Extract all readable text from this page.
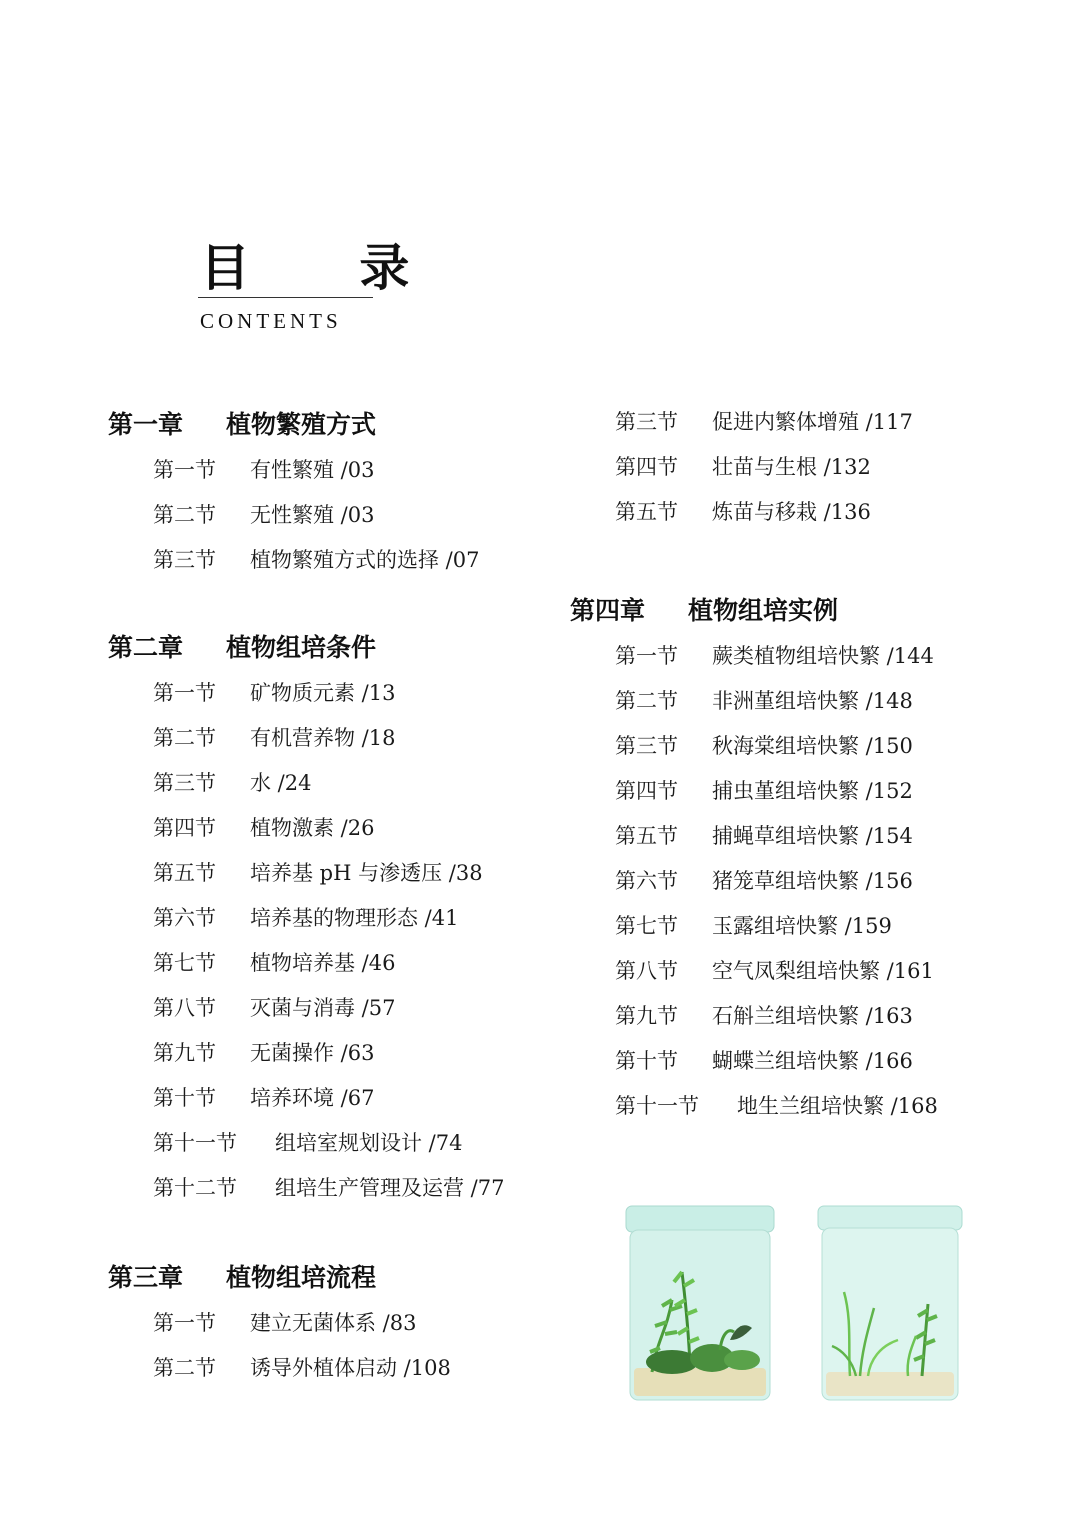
目 录
CONTENTS
第一章	植物繁殖方式
第一节	有性繁殖 /03
第二节	无性繁殖 /03
第三节	植物繁殖方式的选择 /07
第二章	植物组培条件
第一节	矿物质元素 /13
第二节	有机营养物 /18
第三节	水 /24
第四节	植物激素 /26
第五节	培养基 pH 与渗透压 /38
第六节	培养基的物理形态 /41
第七节	植物培养基 /46
第八节	灭菌与消毒 /57
第九节	无菌操作 /63
第十节	培养环境 /67
第十一节	组培室规划设计 /74
第十二节	组培生产管理及运营 /77
第三章	植物组培流程
第一节	建立无菌体系 /83
第二节	诱导外植体启动 /108
第三节	促进内繁体增殖 /117
第四节	壮苗与生根 /132
第五节	炼苗与移栽 /136
第四章	植物组培实例
第一节	蕨类植物组培快繁 /144
第二节	非洲堇组培快繁 /148
第三节	秋海棠组培快繁 /150
第四节	捕虫堇组培快繁 /152
第五节	捕蝇草组培快繁 /154
第六节	猪笼草组培快繁 /156
第七节	玉露组培快繁 /159
第八节	空气凤梨组培快繁 /161
第九节	石斛兰组培快繁 /163
第十节	蝴蝶兰组培快繁 /166
第十一节	地生兰组培快繁 /168
